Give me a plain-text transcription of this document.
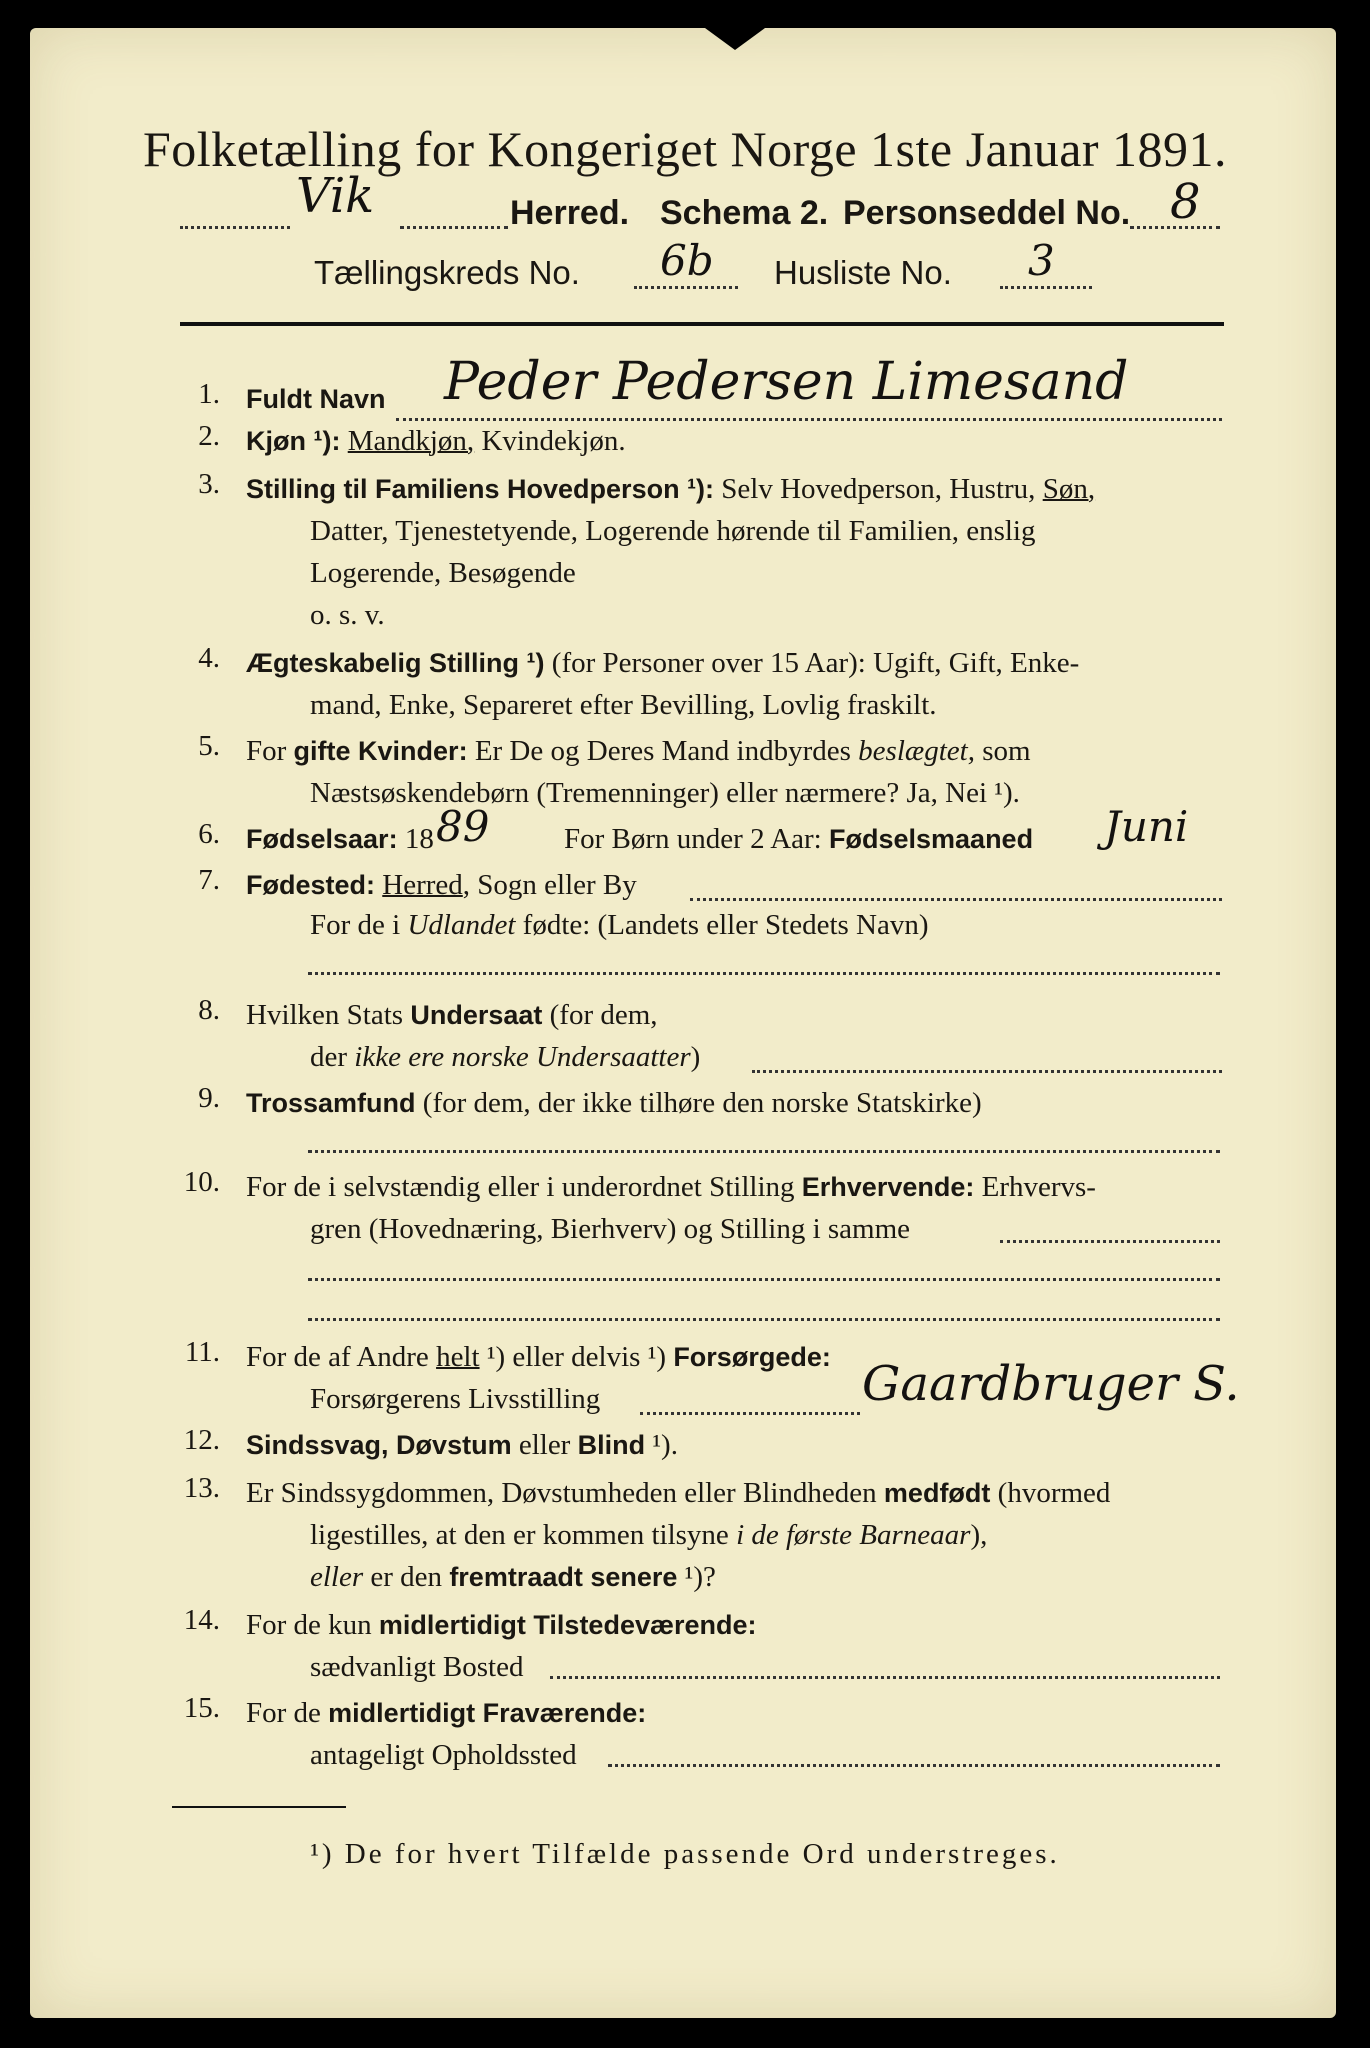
Folketælling for Kongeriget Norge 1ste Januar 1891.
Vik	Herred. Schema 2. Personseddel No. 8
Tællingskreds No. 6b Husliste No. 3
1. Fuldt Navn Peder Pedersen Limesand
2. Kjøn ¹): Mandkjøn, Kvindekjøn.
3. Stilling til Familiens Hovedperson ¹): Selv Hovedperson, Hustru, Søn,
Datter, Tjenestetyende, Logerende hørende til Familien, enslig
Logerende, Besøgende
o. s. v.
4. Ægteskabelig Stilling ¹) (for Personer over 15 Aar): Ugift, Gift, Enke-
mand, Enke, Separeret efter Bevilling, Lovlig fraskilt.
5. For gifte Kvinder: Er De og Deres Mand indbyrdes beslægtet, som
Næstsøskendebørn (Tremenninger) eller nærmere? Ja, Nei ¹).
6. Fødselsaar: 18 89	For Børn under 2 Aar: Fødselsmaaned Juni
7. Fødested: Herred, Sogn eller By
For de i Udlandet fødte: (Landets eller Stedets Navn)
8. Hvilken Stats Undersaat (for dem,
der ikke ere norske Undersaatter)
9. Trossamfund (for dem, der ikke tilhøre den norske Statskirke)
10. For de i selvstændig eller i underordnet Stilling Erhvervende: Erhvervs-
gren (Hovednæring, Bierhverv) og Stilling i samme
11. For de af Andre helt ¹) eller delvis ¹) Forsørgede:
Forsørgerens Livsstilling	Gaardbruger S.
12. Sindssvag, Døvstum eller Blind ¹).
13. Er Sindssygdommen, Døvstumheden eller Blindheden medfødt (hvormed
ligestilles, at den er kommen tilsyne i de første Barneaar),
eller er den fremtraadt senere ¹)?
14. For de kun midlertidigt Tilstedeværende:
sædvanligt Bosted
15. For de midlertidigt Fraværende:
antageligt Opholdssted
¹) De for hvert Tilfælde passende Ord understreges.
